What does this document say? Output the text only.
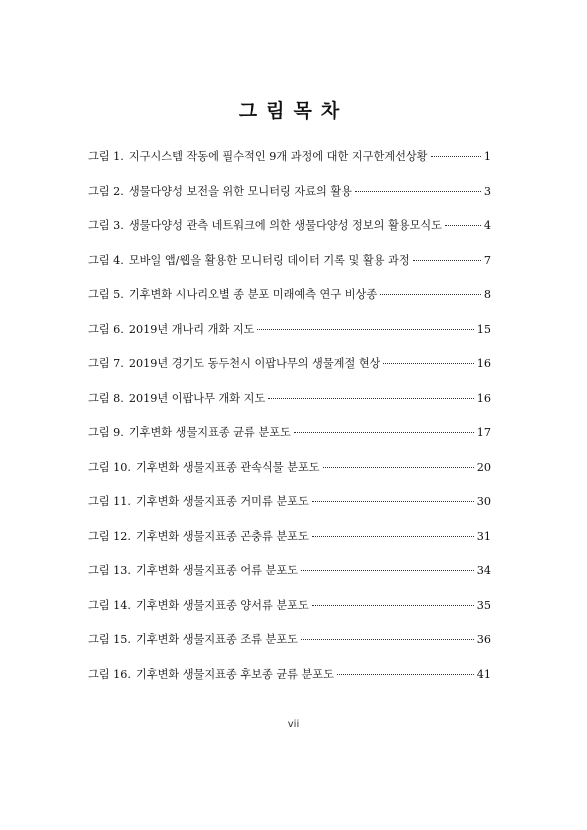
그림목차
그림 1. 지구시스템 작동에 필수적인 9개 과정에 대한 지구한계선상황	1
그림 2. 생물다양성 보전을 위한 모니터링 자료의 활용	3
그림 3. 생물다양성 관측 네트워크에 의한 생물다양성 정보의 활용모식도	4
그림 4. 모바일 앱/웹을 활용한 모니터링 데이터 기록 및 활용 과정	7
그림 5. 기후변화 시나리오별 종 분포 미래예측 연구 비상종	8
그림 6. 2019년 개나리 개화 지도	15
그림 7. 2019년 경기도 동두천시 이팝나무의 생물계절 현상	16
그림 8. 2019년 이팝나무 개화 지도	16
그림 9. 기후변화 생물지표종 균류 분포도	17
그림 10. 기후변화 생물지표종 관속식물 분포도	20
그림 11. 기후변화 생물지표종 거미류 분포도	30
그림 12. 기후변화 생물지표종 곤충류 분포도	31
그림 13. 기후변화 생물지표종 어류 분포도	34
그림 14. 기후변화 생물지표종 양서류 분포도	35
그림 15. 기후변화 생물지표종 조류 분포도	36
그림 16. 기후변화 생물지표종 후보종 균류 분포도	41
vii
